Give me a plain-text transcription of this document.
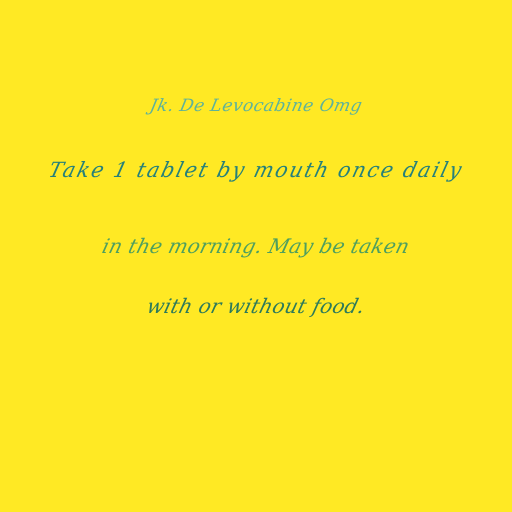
Jk. De Levocabine Omg
Take 1 tablet by mouth once daily
in the morning. May be taken
with or without food.
